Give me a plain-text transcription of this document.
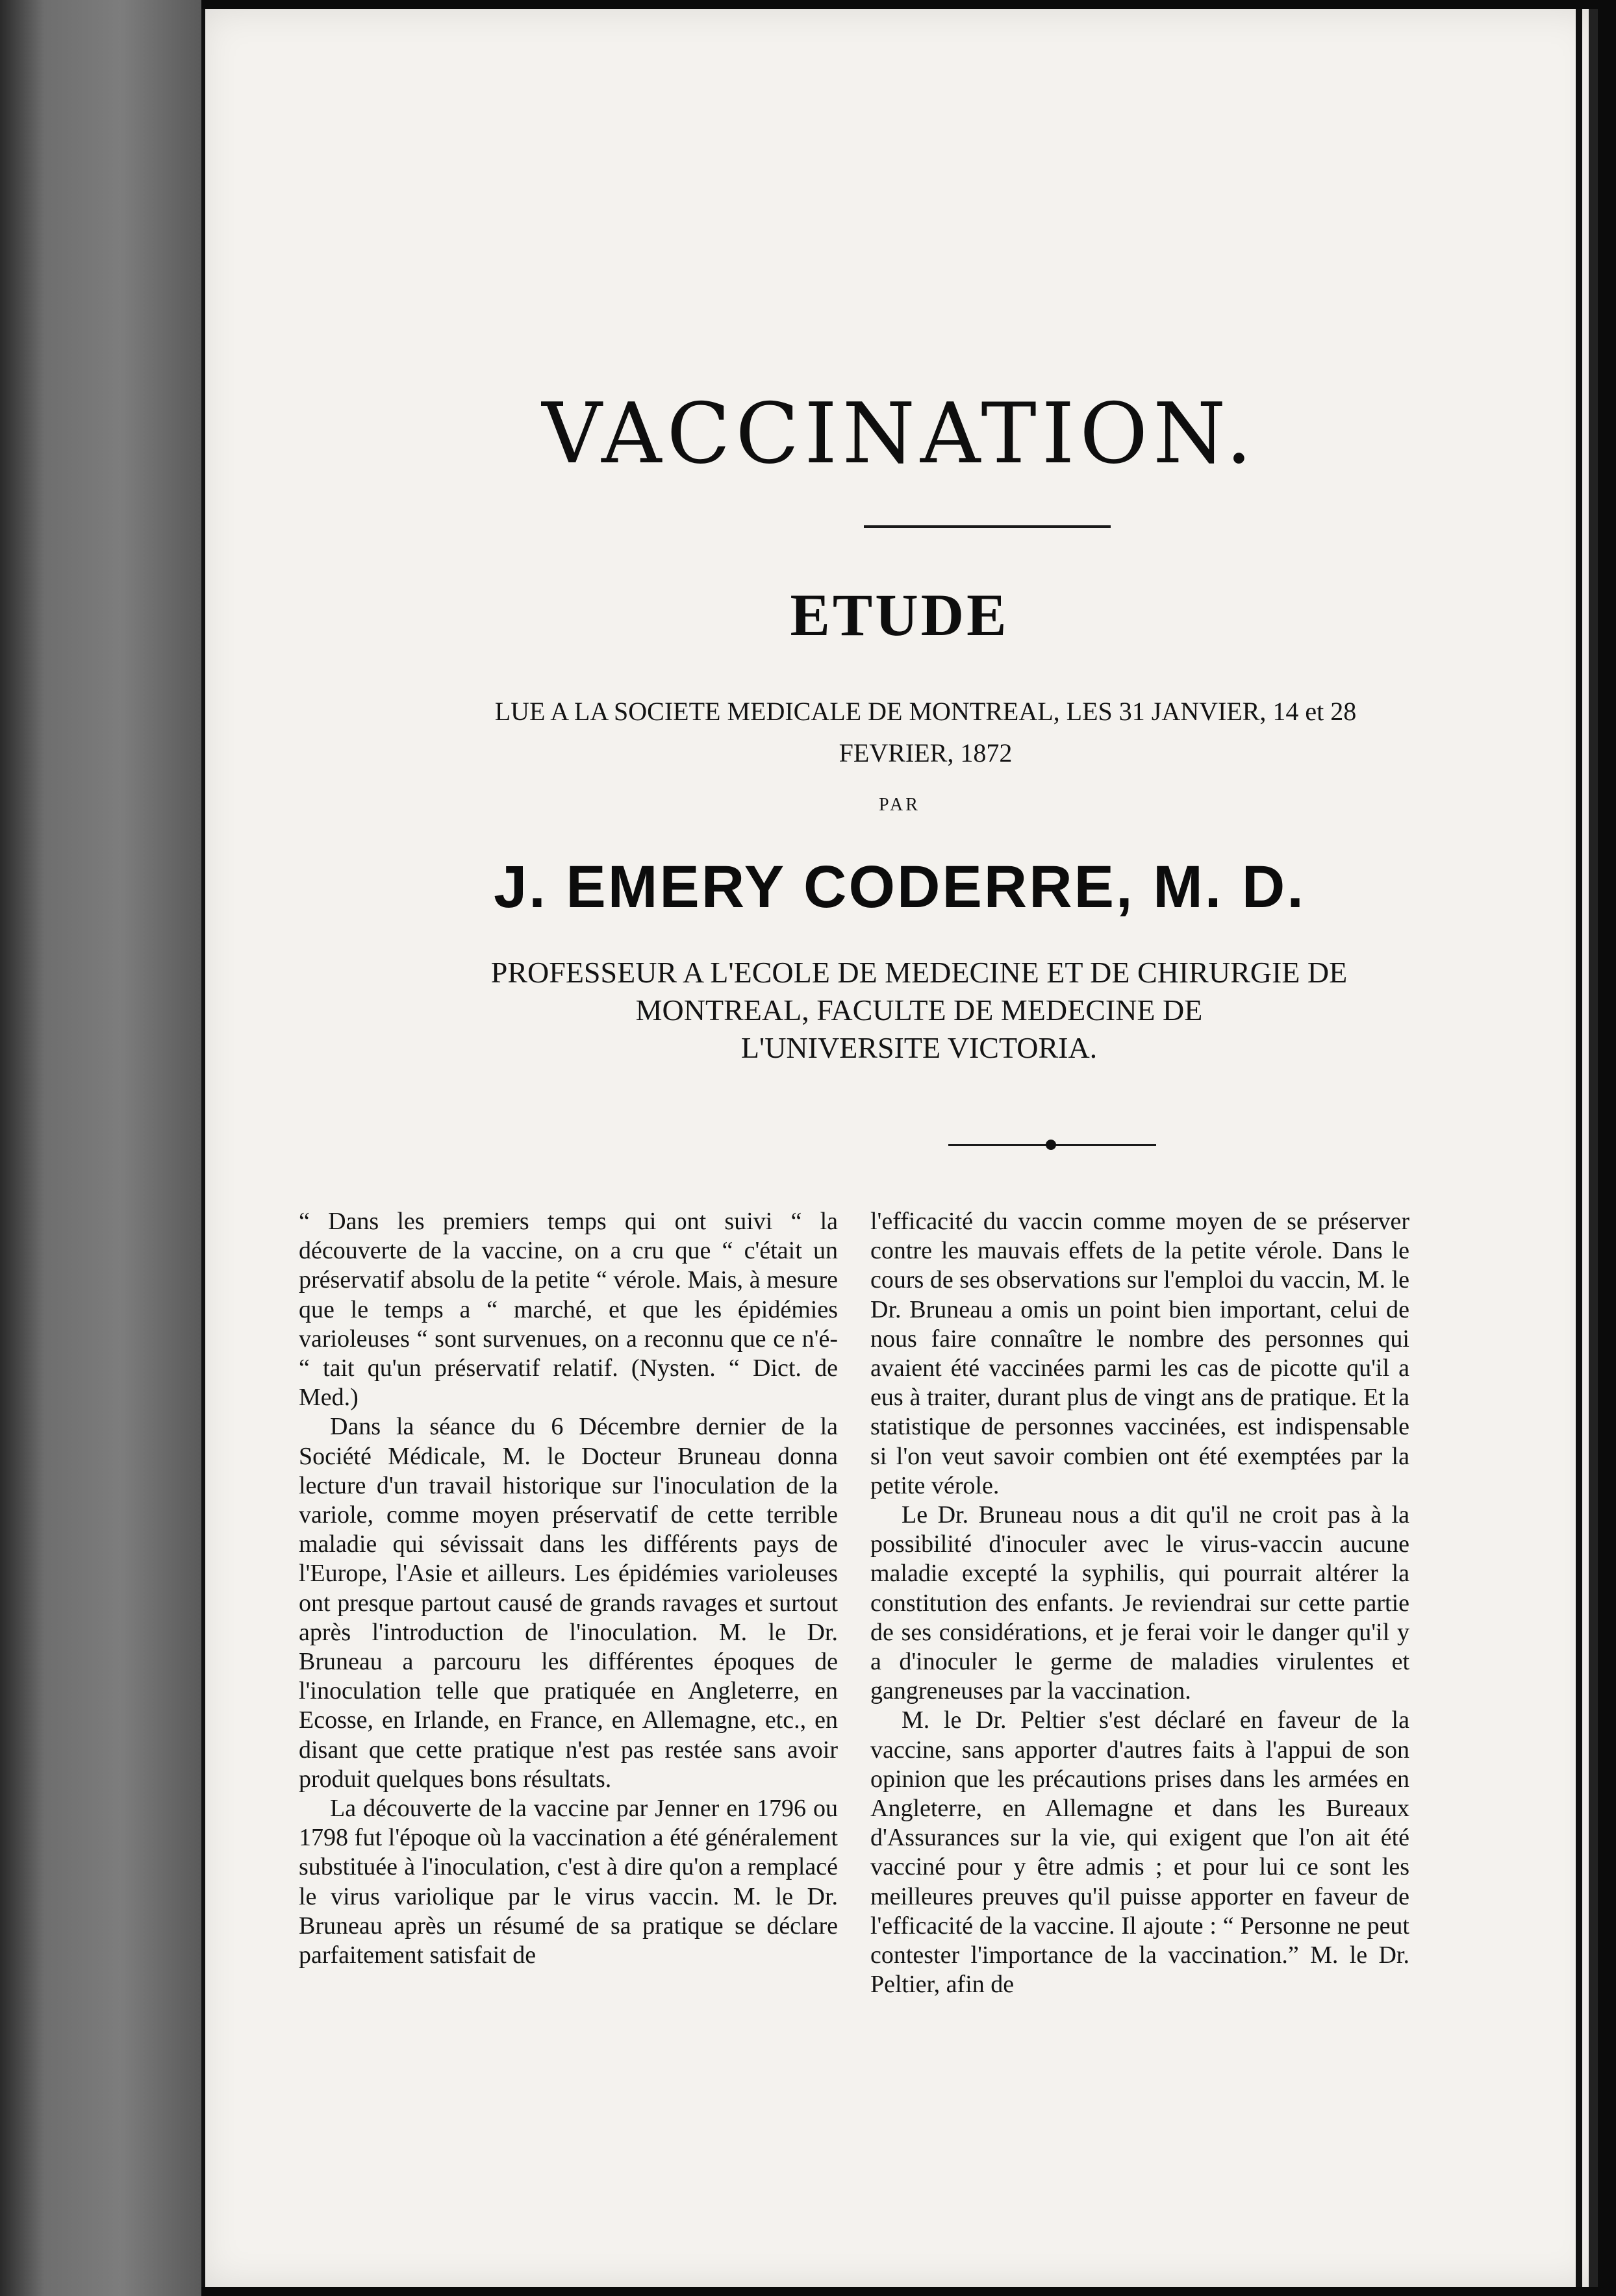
VACCINATION.
ETUDE
LUE A LA SOCIETE MEDICALE DE MONTREAL, LES 31 JANVIER, 14 et 28
FEVRIER, 1872
PAR
J. EMERY CODERRE, M. D.
PROFESSEUR A L'ECOLE DE MEDECINE ET DE CHIRURGIE DE
MONTREAL, FACULTE DE MEDECINE DE
L'UNIVERSITE VICTORIA.

“ Dans les premiers temps qui ont suivi “ la découverte de la vaccine, on a cru que “ c'était un préservatif absolu de la petite “ vérole. Mais, à mesure que le temps a “ marché, et que les épidémies varioleuses “ sont survenues, on a reconnu que ce n'é- “ tait qu'un préservatif relatif. (Nysten. “ Dict. de Med.)

Dans la séance du 6 Décembre dernier de la Société Médicale, M. le Docteur Bruneau donna lecture d'un travail historique sur l'inoculation de la variole, comme moyen préservatif de cette terrible maladie qui sévissait dans les différents pays de l'Europe, l'Asie et ailleurs. Les épidémies varioleuses ont presque partout causé de grands ravages et surtout après l'introduction de l'inoculation. M. le Dr. Bruneau a parcouru les différentes époques de l'inoculation telle que pratiquée en Angleterre, en Ecosse, en Irlande, en France, en Allemagne, etc., en disant que cette pratique n'est pas restée sans avoir produit quelques bons résultats.

La découverte de la vaccine par Jenner en 1796 ou 1798 fut l'époque où la vaccination a été généralement substituée à l'inoculation, c'est à dire qu'on a remplacé le virus variolique par le virus vaccin. M. le Dr. Bruneau après un résumé de sa pratique se déclare parfaitement satisfait de

l'efficacité du vaccin comme moyen de se préserver contre les mauvais effets de la petite vérole. Dans le cours de ses observations sur l'emploi du vaccin, M. le Dr. Bruneau a omis un point bien important, celui de nous faire connaître le nombre des personnes qui avaient été vaccinées parmi les cas de picotte qu'il a eus à traiter, durant plus de vingt ans de pratique. Et la statistique de personnes vaccinées, est indispensable si l'on veut savoir combien ont été exemptées par la petite vérole.

Le Dr. Bruneau nous a dit qu'il ne croit pas à la possibilité d'inoculer avec le virus-vaccin aucune maladie excepté la syphilis, qui pourrait altérer la constitution des enfants. Je reviendrai sur cette partie de ses considérations, et je ferai voir le danger qu'il y a d'inoculer le germe de maladies virulentes et gangreneuses par la vaccination.

M. le Dr. Peltier s'est déclaré en faveur de la vaccine, sans apporter d'autres faits à l'appui de son opinion que les précautions prises dans les armées en Angleterre, en Allemagne et dans les Bureaux d'Assurances sur la vie, qui exigent que l'on ait été vacciné pour y être admis ; et pour lui ce sont les meilleures preuves qu'il puisse apporter en faveur de l'efficacité de la vaccine. Il ajoute : “ Personne ne peut contester l'importance de la vaccination.” M. le Dr. Peltier, afin de
